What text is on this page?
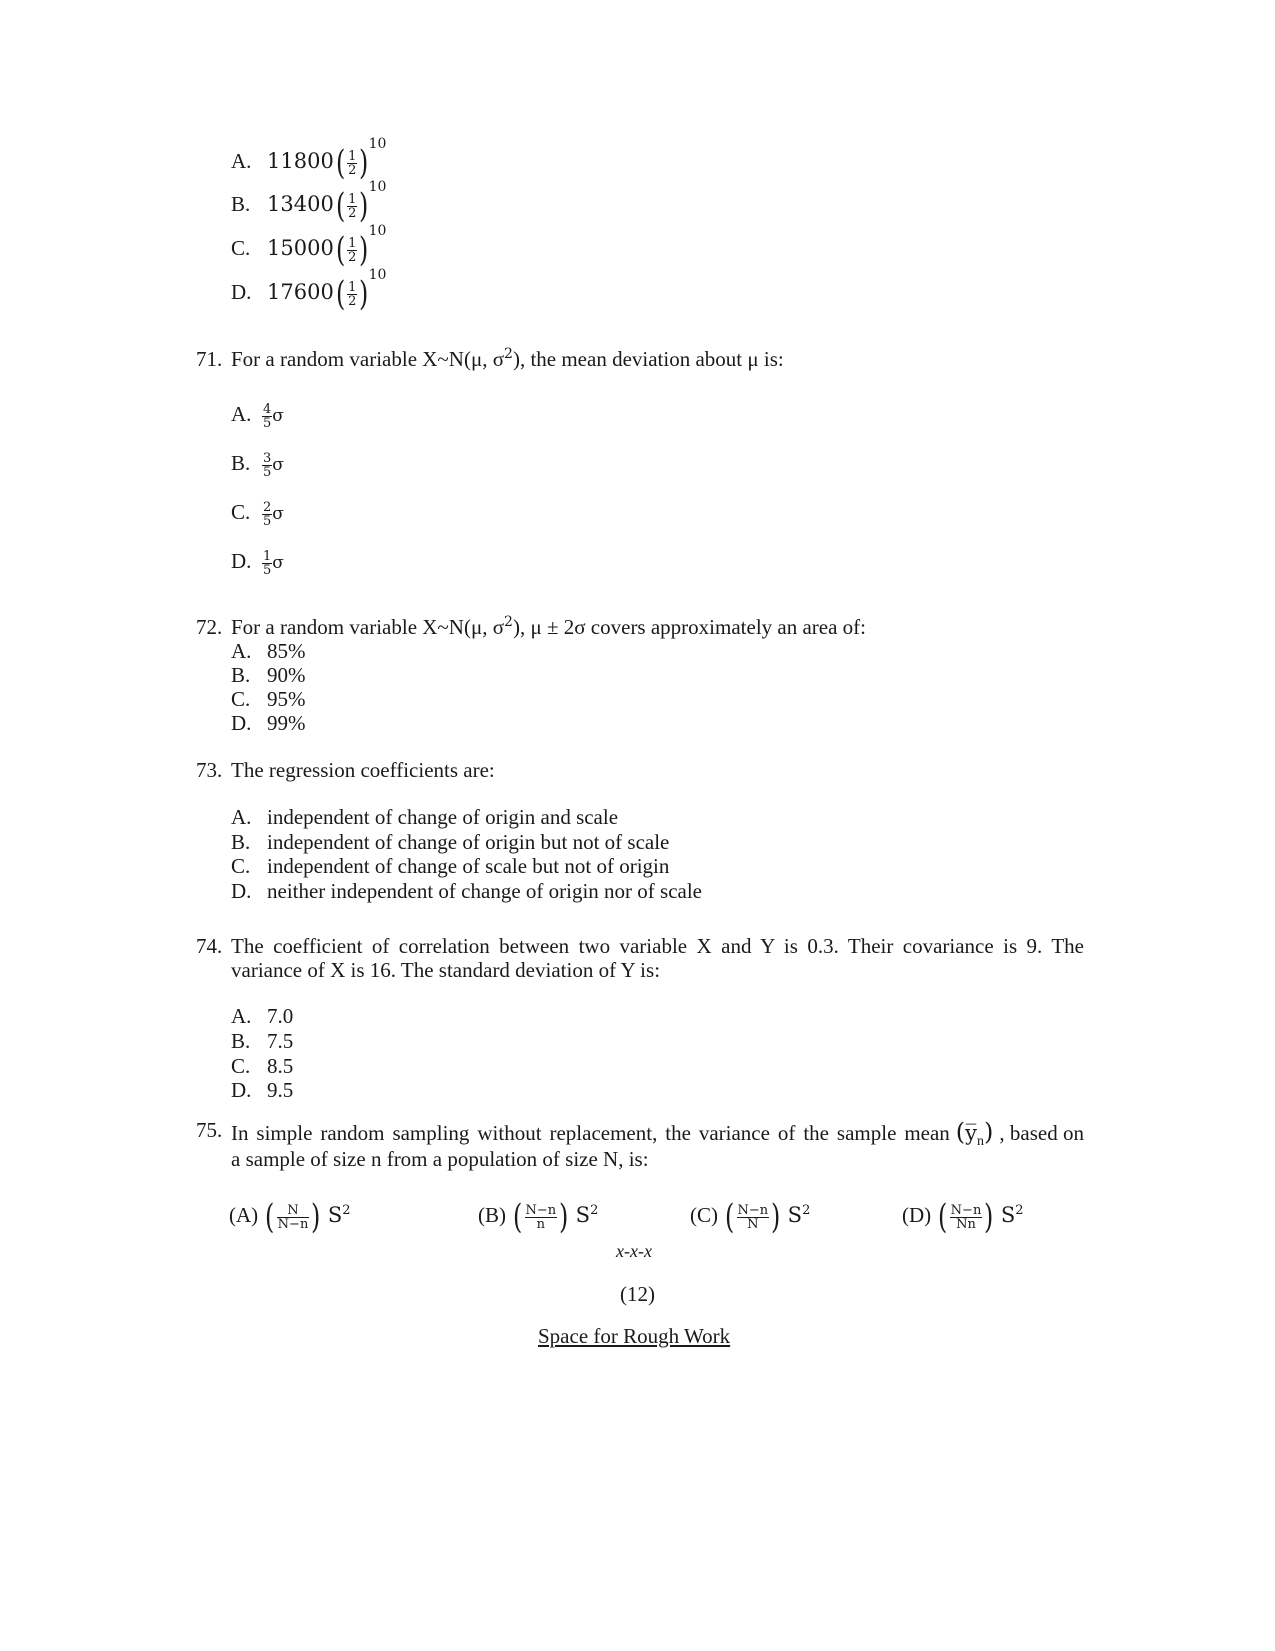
A. $11800( \frac{1}{2} )^{10}$
B. $13400( \frac{1}{2} )^{10}$
C. $15000( \frac{1}{2} )^{10}$
D. $17600( \frac{1}{2} )^{10}$
71. For a random variable X~N(μ, $\sigma^2$), the mean deviation about μ is:
A. $\frac{4}{5}$ σ
B. $\frac{3}{5}$ σ
C. $\frac{2}{5}$ σ
D. $\frac{1}{5}$ σ
72. For a random variable X~N(μ, $\sigma^2$), μ ± 2σ covers approximately an area of:
A. 85%
B. 90%
C. 95%
D. 99%
73. The regression coefficients are:
A. independent of change of origin and scale
B. independent of change of origin but not of scale
C. independent of change of scale but not of origin
D. neither independent of change of origin nor of scale
74. The coefficient of correlation between two variable X and Y is 0.3. Their covariance is 9. The
variance of X is 16. The standard deviation of Y is:
A. 7.0
B. 7.5
C. 8.5
D. 9.5
75. In simple random sampling without replacement, the variance of the sample mean $(y̅_n)$ , based on
a sample of size n from a population of size N, is:
(A) ( $\frac{N}{N-n}$ ) $S^2$	(B) ( $\frac{N-n}{n}$ ) $S^2$	(C) ( $\frac{N-n}{N}$ ) $S^2$	(D) ( $\frac{N-n}{Nn}$ ) $S^2$
x-x-x
(12)
Space for Rough Work
